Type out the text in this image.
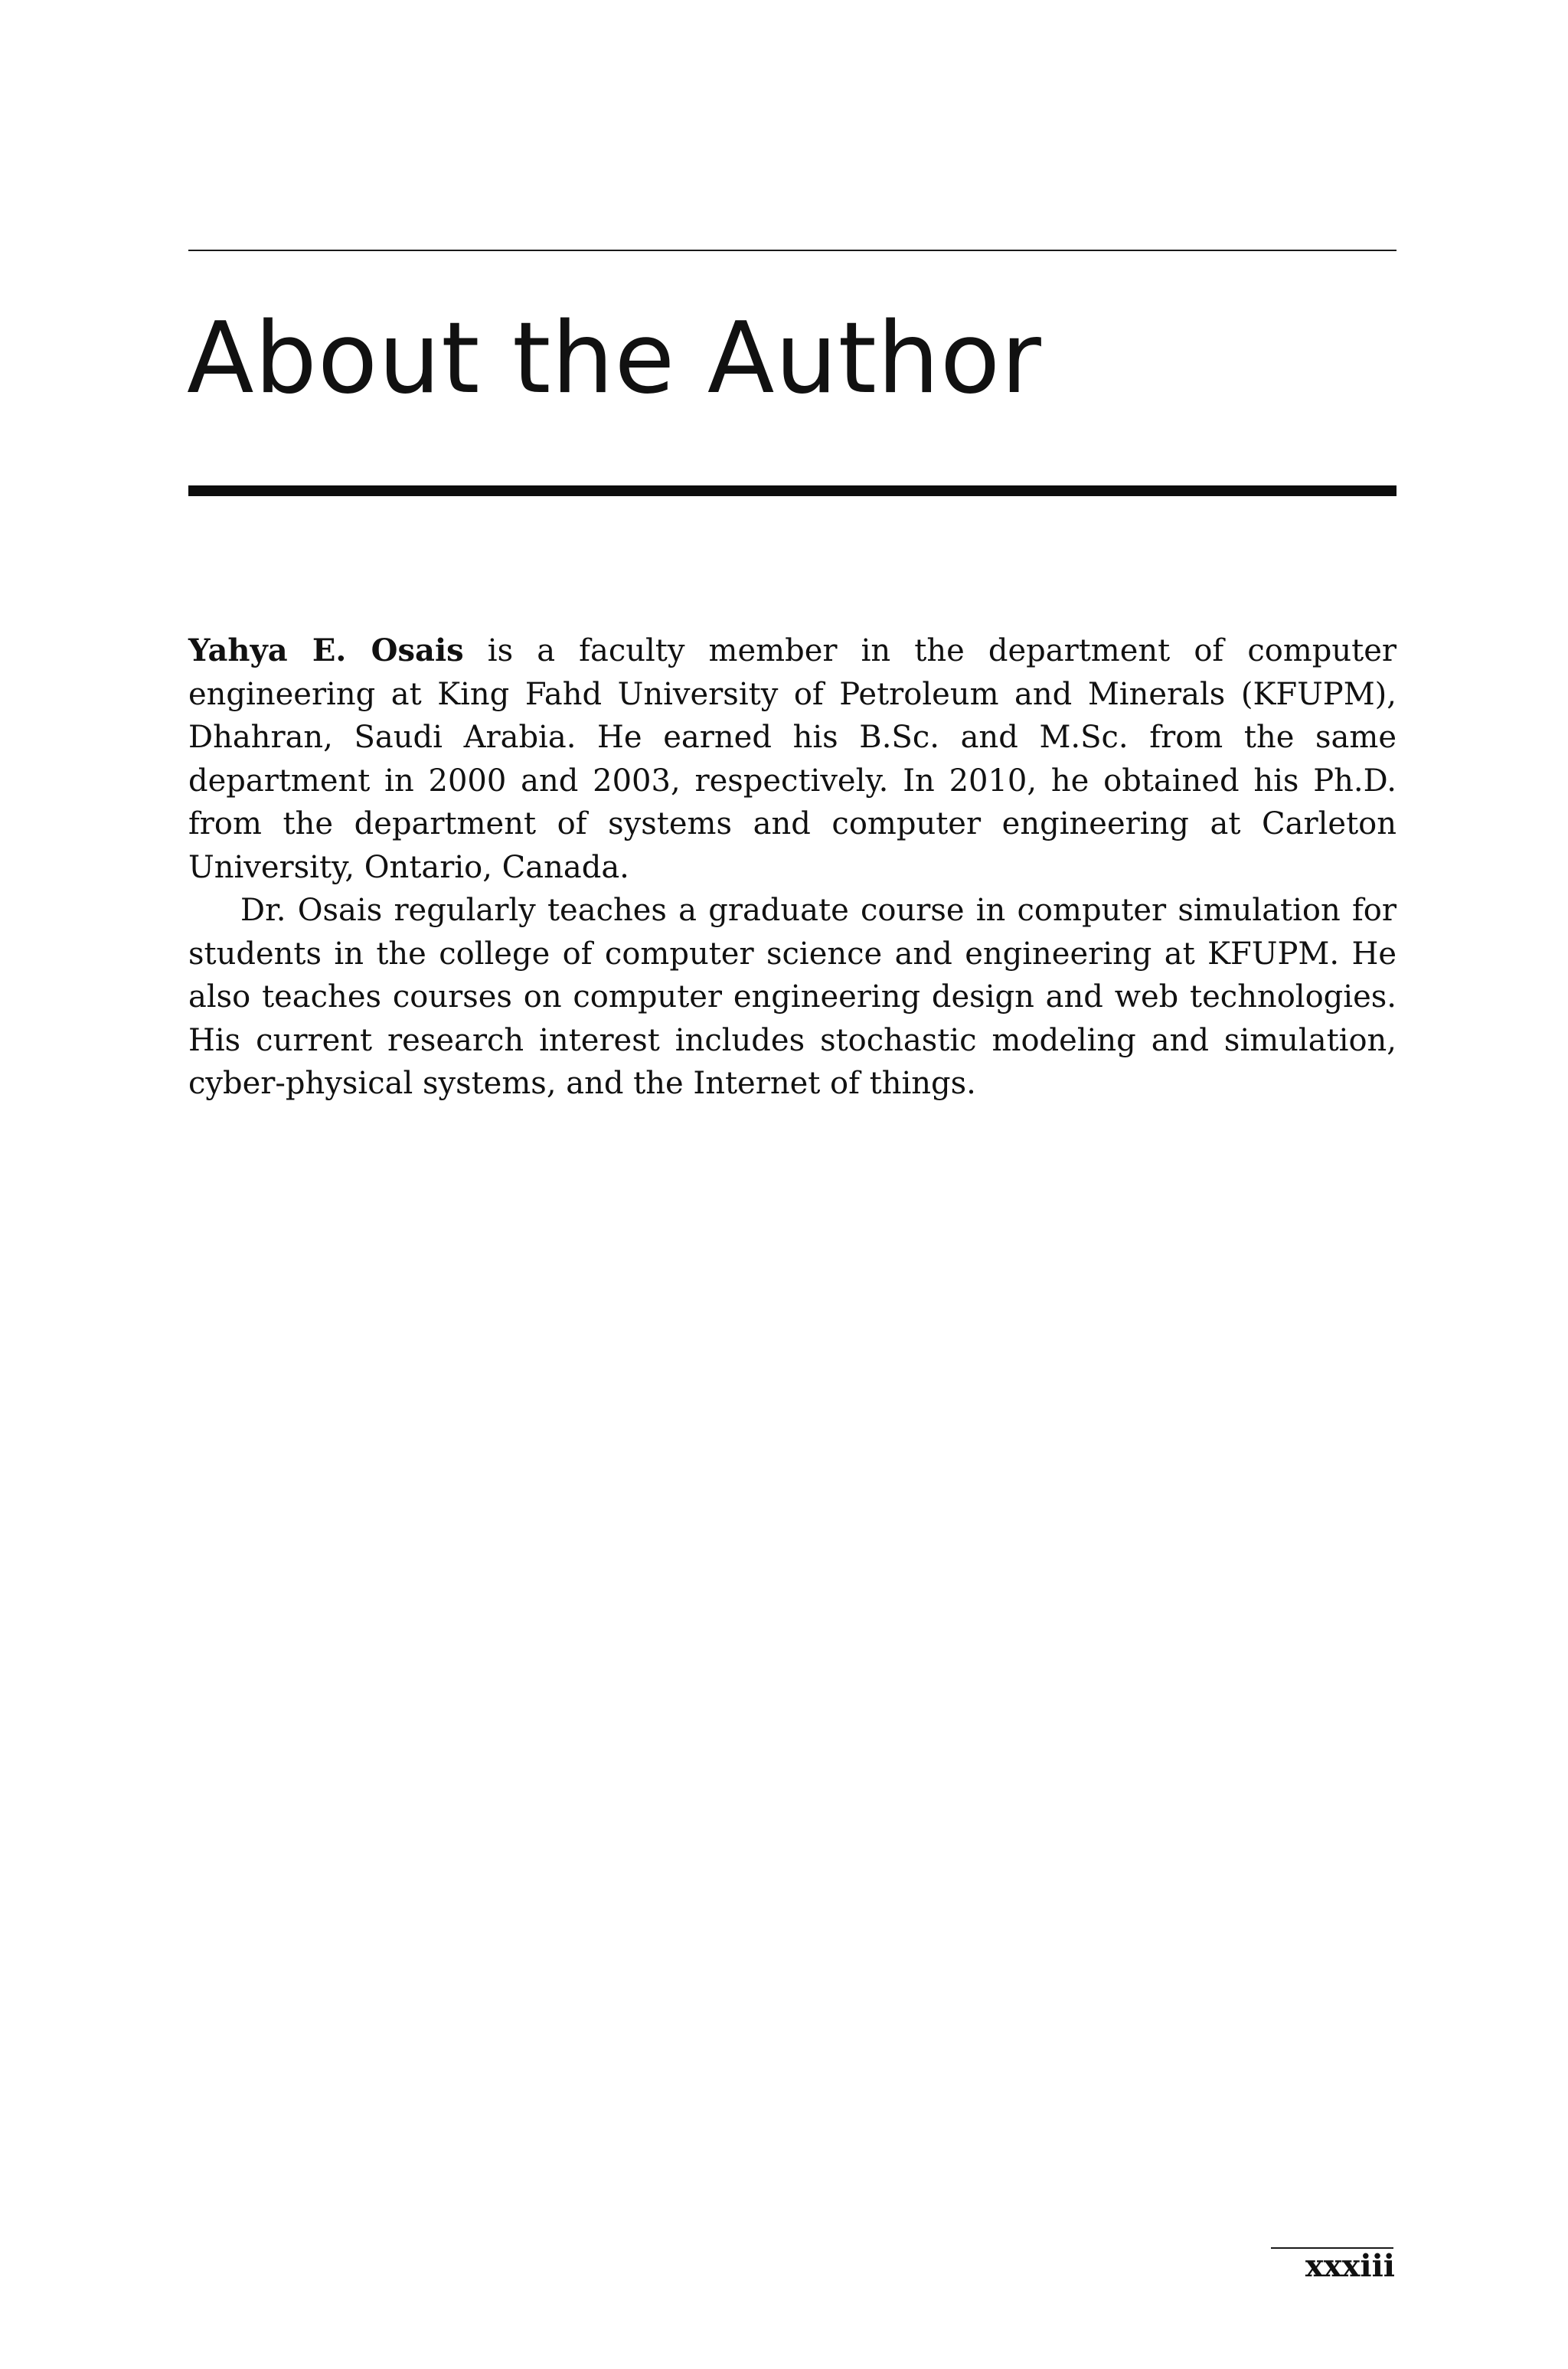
About the Author

Yahya E. Osais is a faculty member in the department of computer engineering at King Fahd University of Petroleum and Minerals (KFUPM), Dhahran, Saudi Arabia. He earned his B.Sc. and M.Sc. from the same department in 2000 and 2003, respectively. In 2010, he obtained his Ph.D. from the department of systems and computer engineering at Carleton University, Ontario, Canada.

Dr. Osais regularly teaches a graduate course in computer simulation for students in the college of computer science and engineering at KFUPM. He also teaches courses on computer engineering design and web technologies. His current research interest includes stochastic modeling and simulation, cyber-physical systems, and the Internet of things.

xxxiii
